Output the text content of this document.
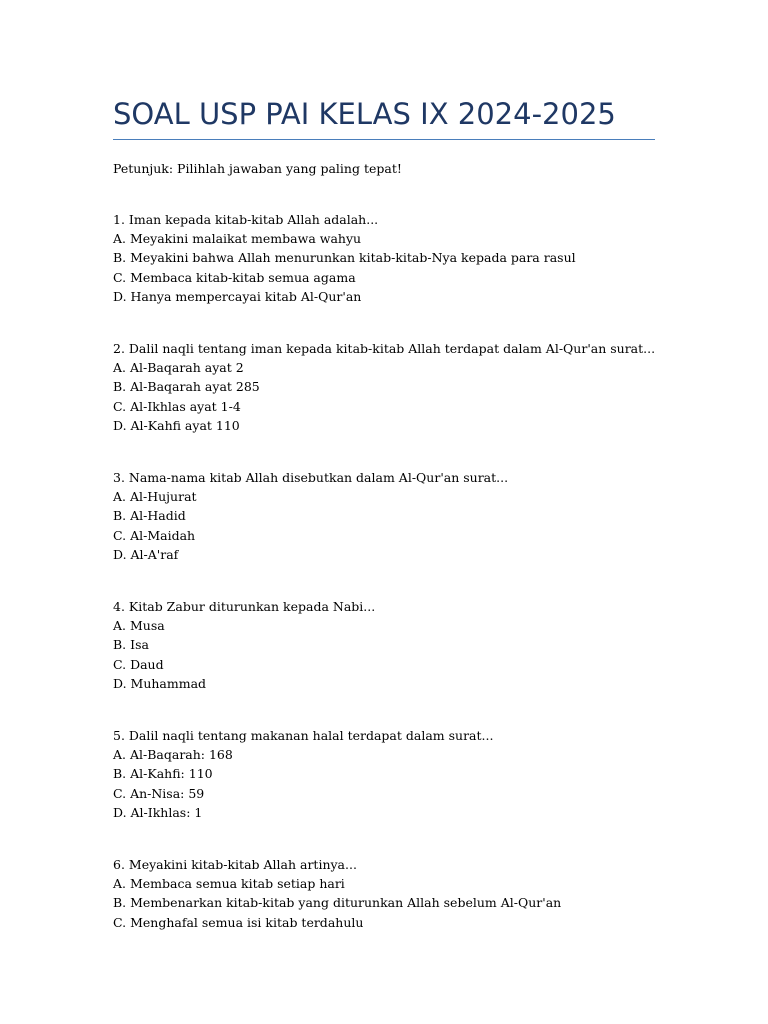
SOAL USP PAI KELAS IX 2024-2025

Petunjuk: Pilihlah jawaban yang paling tepat!

1. Iman kepada kitab-kitab Allah adalah...
A. Meyakini malaikat membawa wahyu
B. Meyakini bahwa Allah menurunkan kitab-kitab-Nya kepada para rasul
C. Membaca kitab-kitab semua agama
D. Hanya mempercayai kitab Al-Qur'an
2. Dalil naqli tentang iman kepada kitab-kitab Allah terdapat dalam Al-Qur'an surat...
A. Al-Baqarah ayat 2
B. Al-Baqarah ayat 285
C. Al-Ikhlas ayat 1-4
D. Al-Kahfi ayat 110
3. Nama-nama kitab Allah disebutkan dalam Al-Qur'an surat...
A. Al-Hujurat
B. Al-Hadid
C. Al-Maidah
D. Al-A'raf
4. Kitab Zabur diturunkan kepada Nabi...
A. Musa
B. Isa
C. Daud
D. Muhammad
5. Dalil naqli tentang makanan halal terdapat dalam surat...
A. Al-Baqarah: 168
B. Al-Kahfi: 110
C. An-Nisa: 59
D. Al-Ikhlas: 1
6. Meyakini kitab-kitab Allah artinya...
A. Membaca semua kitab setiap hari
B. Membenarkan kitab-kitab yang diturunkan Allah sebelum Al-Qur'an
C. Menghafal semua isi kitab terdahulu
